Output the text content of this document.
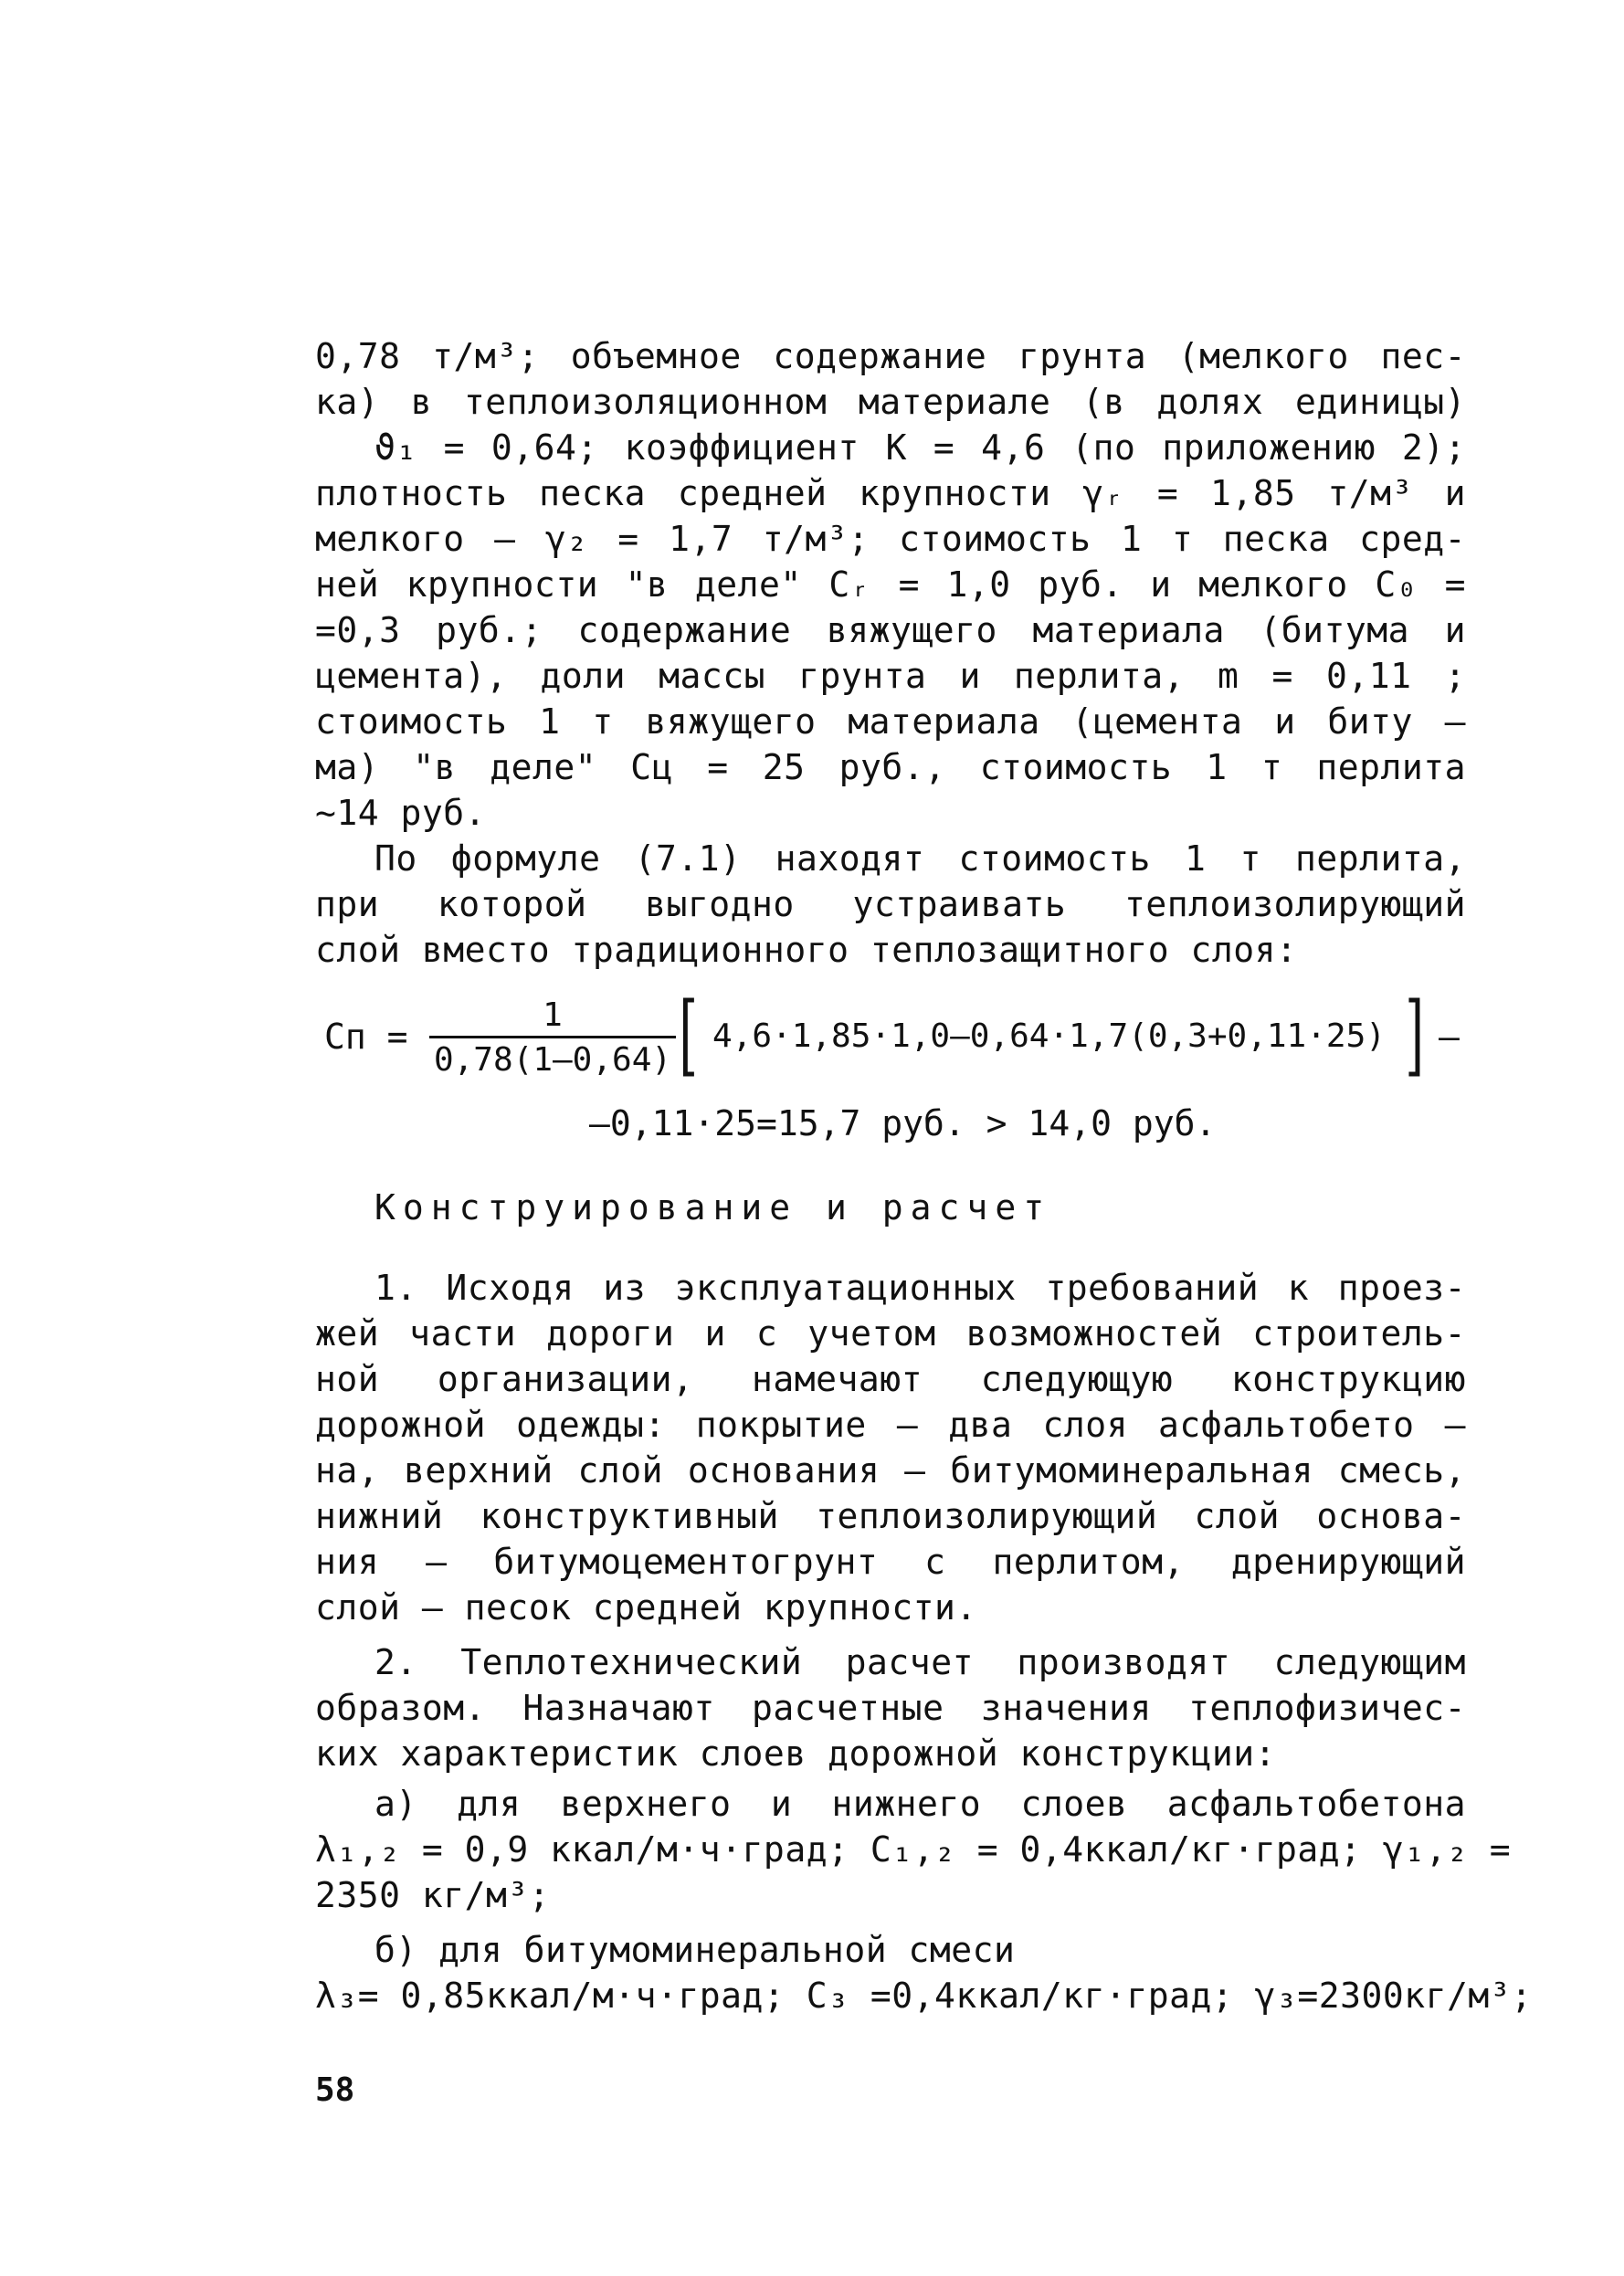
0,78 т/м³; объемное содержание грунта (мелкого пес-
ка) в теплоизоляционном материале (в долях единицы)
ϑ₁ = 0,64; коэффициент K = 4,6 (по приложению 2);
плотность песка средней крупности γᵣ = 1,85 т/м³ и
мелкого – γ₂ = 1,7 т/м³; стоимость 1 т песка сред-
ней крупности "в деле" Cᵣ = 1,0 руб. и мелкого C₀ =
=0,3 руб.; содержание вяжущего материала (битума и
цемента), доли массы грунта и перлита, m = 0,11 ;
стоимость 1 т вяжущего материала (цемента и биту –
ма) "в деле" Cц = 25 руб., стоимость 1 т перлита
~14 руб.
По формуле (7.1) находят стоимость 1 т перлита,
при которой выгодно устраивать теплоизолирующий
слой вместо традиционного теплозащитного слоя:
Cп = $\frac{1}{0,78(1-0,64)}$ [ 4,6·1,85·1,0–0,64·1,7(0,3+0,11·25) ] –
–0,11·25=15,7 руб. > 14,0 руб.
Конструирование и расчет
1. Исходя из эксплуатационных требований к проез-
жей части дороги и с учетом возможностей строитель-
ной организации, намечают следующую конструкцию
дорожной одежды: покрытие – два слоя асфальтобето –
на, верхний слой основания – битумоминеральная смесь,
нижний конструктивный теплоизолирующий слой основа-
ния – битумоцементогрунт с перлитом, дренирующий
слой – песок средней крупности.
2. Теплотехнический расчет производят следующим
образом. Назначают расчетные значения теплофизичес-
ких характеристик слоев дорожной конструкции:
а) для верхнего и нижнего слоев асфальтобетона
λ₁,₂ = 0,9 ккал/м·ч·град; C₁,₂ = 0,4ккал/кг·град; γ₁,₂ =
2350 кг/м³;
б) для битумоминеральной смеси
λ₃= 0,85ккал/м·ч·град; C₃ =0,4ккал/кг·град; γ₃=2300кг/м³;
58
